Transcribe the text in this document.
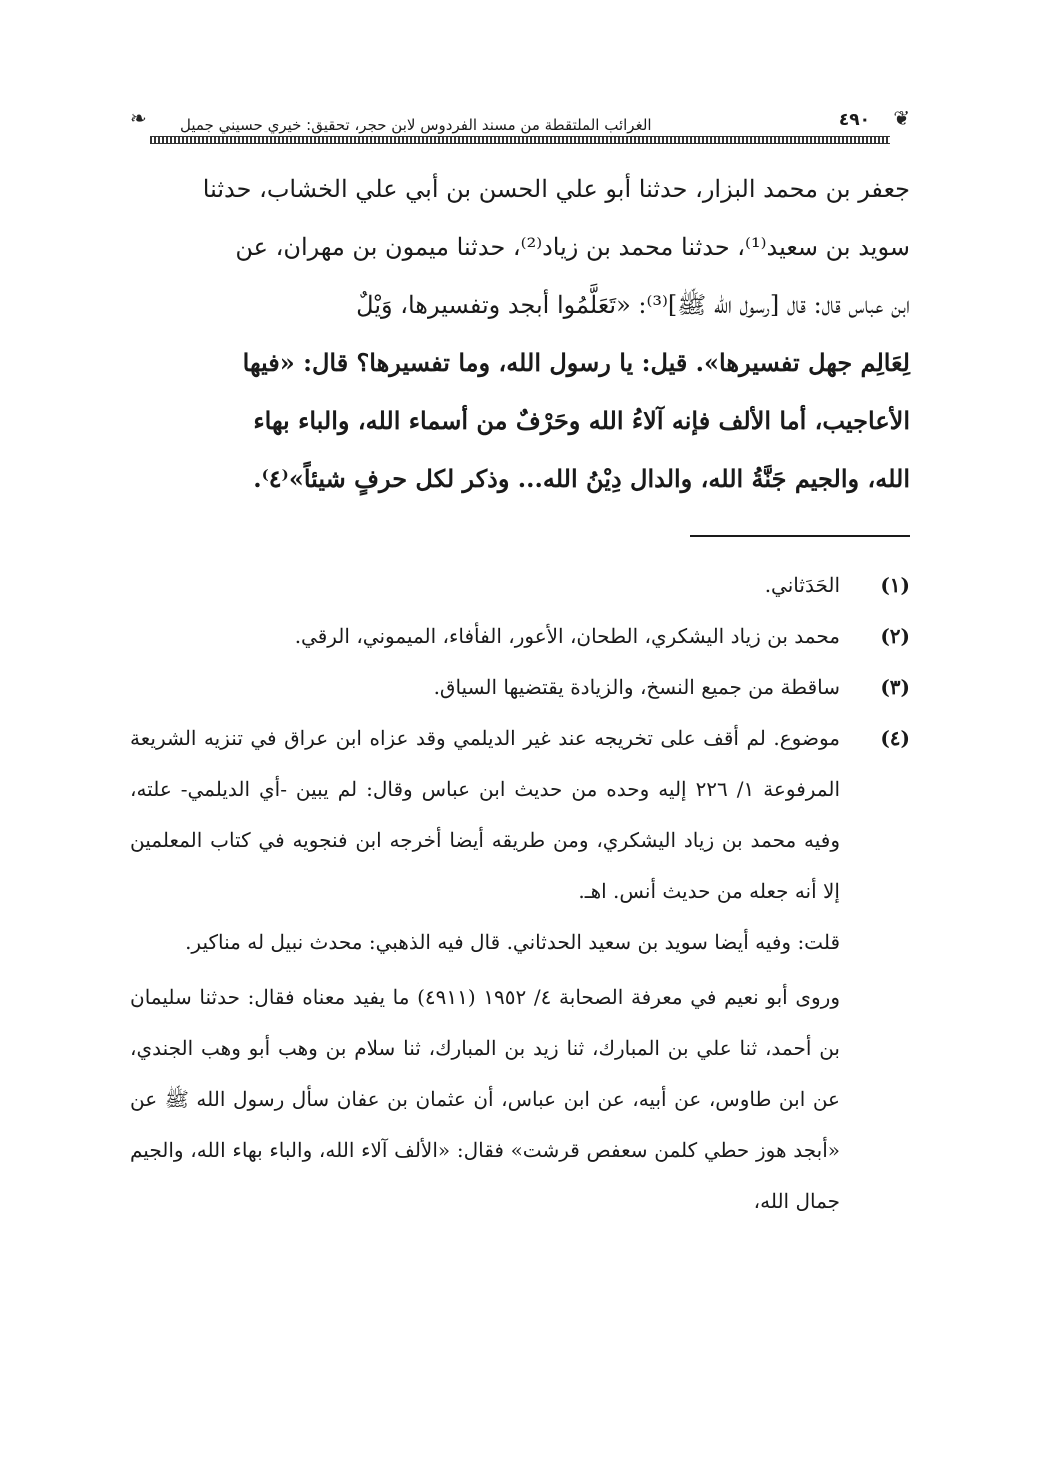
❦
❧	٤٩٠
الغرائب الملتقطة من مسند الفردوس لابن حجر، تحقيق: خيري حسيني جميل

جعفر بن محمد البزار، حدثنا أبو علي الحسن بن أبي علي الخشاب، حدثنا

سويد بن سعيد⁽¹⁾، حدثنا محمد بن زياد⁽²⁾، حدثنا ميمون بن مهران، عن

ابن عباس قال: قال [رسول الله ﷺ]⁽³⁾: «تَعَلَّمُوا أبجد وتفسيرها، وَيْلٌ

لِعَالِم جهل تفسيرها». قيل: يا رسول الله، وما تفسيرها؟ قال: «فيها

الأعاجيب، أما الألف فإنه آلاءُ الله وحَرْفٌ من أسماء الله، والباء بهاء

الله، والجيم جَنَّةُ الله، والدال دِيْنُ الله... وذكر لكل حرفٍ شيئاً»⁽٤⁾.

(١)
الحَدَثاني.
(٢)
محمد بن زياد اليشكري، الطحان، الأعور، الفأفاء، الميموني، الرقي.
(٣)
ساقطة من جميع النسخ، والزيادة يقتضيها السياق.
(٤)
موضوع. لم أقف على تخريجه عند غير الديلمي وقد عزاه ابن عراق في تنزيه الشريعة المرفوعة ١/ ٢٢٦ إليه وحده من حديث ابن عباس وقال: لم يبين -أي الديلمي- علته، وفيه محمد بن زياد اليشكري، ومن طريقه أيضا أخرجه ابن فنجويه في كتاب المعلمين إلا أنه جعله من حديث أنس. اهـ.
قلت: وفيه أيضا سويد بن سعيد الحدثاني. قال فيه الذهبي: محدث نبيل له مناكير.
وروى أبو نعيم في معرفة الصحابة ٤/ ١٩٥٢ (٤٩١١) ما يفيد معناه فقال: حدثنا سليمان بن أحمد، ثنا علي بن المبارك، ثنا زيد بن المبارك، ثنا سلام بن وهب أبو وهب الجندي، عن ابن طاوس، عن أبيه، عن ابن عباس، أن عثمان بن عفان سأل رسول الله ﷺ عن «أبجد هوز حطي كلمن سعفص قرشت» فقال: «الألف آلاء الله، والباء بهاء الله، والجيم جمال الله،
